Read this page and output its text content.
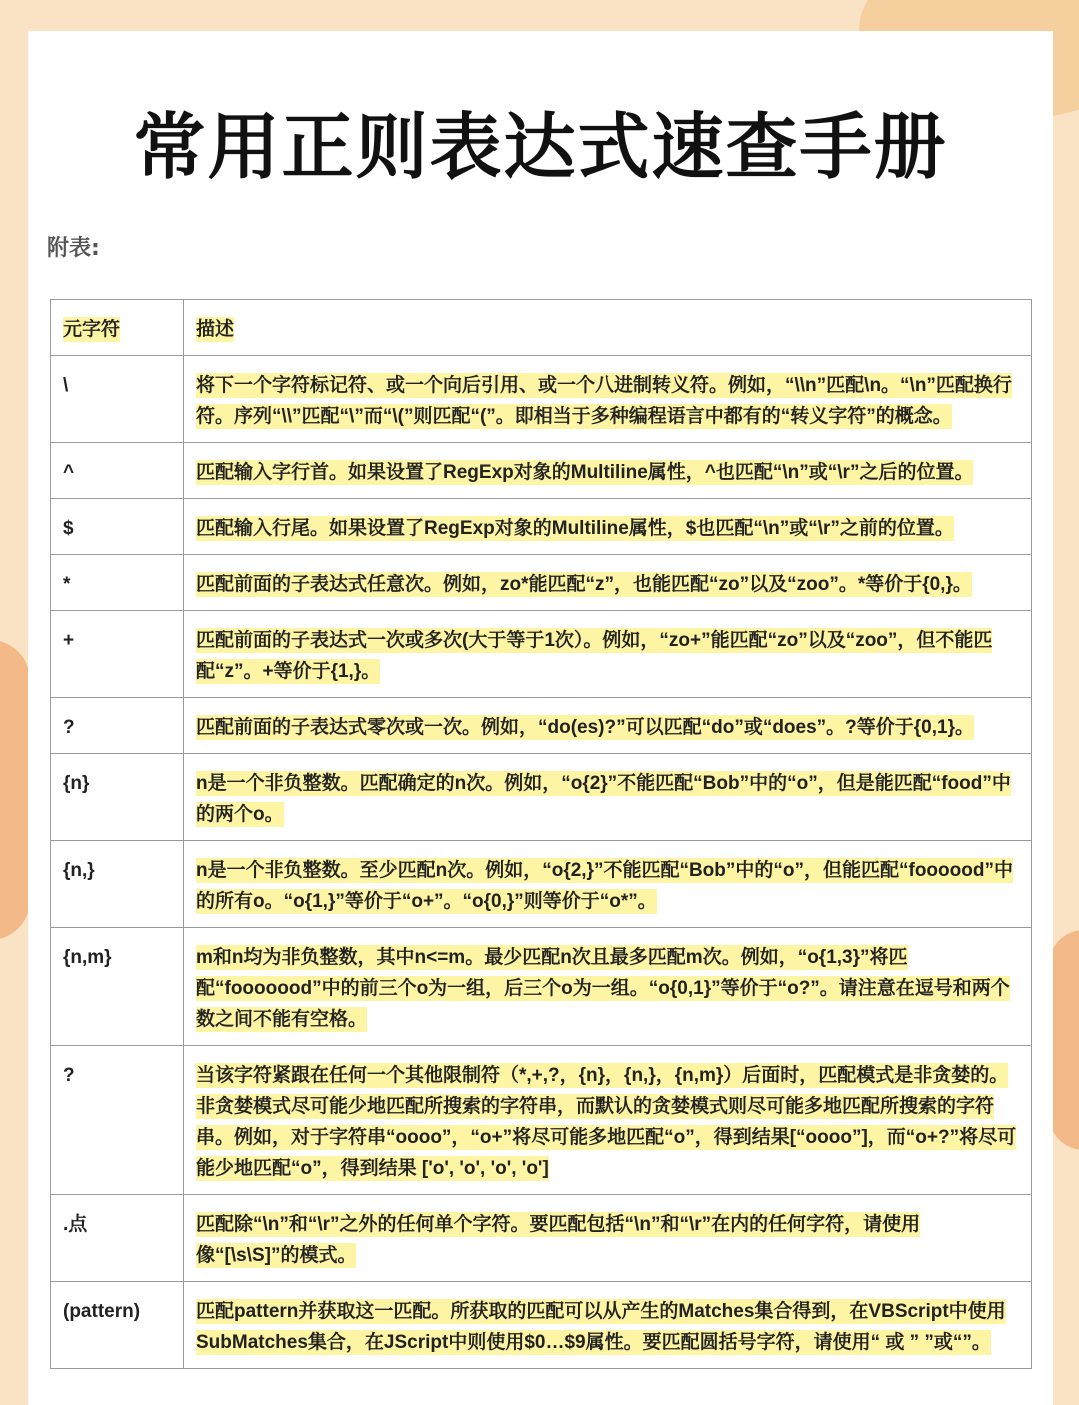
常用正则表达式速查手册

附表:

元字符	描述
\	将下一个字符标记符、或一个向后引用、或一个八进制转义符。例如，“\\n”匹配\n。“\n”匹配换行符。序列“\\”匹配“\”而“\(”则匹配“(”。即相当于多种编程语言中都有的“转义字符”的概念。
^	匹配输入字行首。如果设置了RegExp对象的Multiline属性，^也匹配“\n”或“\r”之后的位置。
$	匹配输入行尾。如果设置了RegExp对象的Multiline属性，$也匹配“\n”或“\r”之前的位置。
*	匹配前面的子表达式任意次。例如，zo*能匹配“z”，也能匹配“zo”以及“zoo”。*等价于{0,}。
+	匹配前面的子表达式一次或多次(大于等于1次）。例如，“zo+”能匹配“zo”以及“zoo”，但不能匹配“z”。+等价于{1,}。
?	匹配前面的子表达式零次或一次。例如，“do(es)?”可以匹配“do”或“does”。?等价于{0,1}。
{n}	n是一个非负整数。匹配确定的n次。例如，“o{2}”不能匹配“Bob”中的“o”，但是能匹配“food”中的两个o。
{n,}	n是一个非负整数。至少匹配n次。例如，“o{2,}”不能匹配“Bob”中的“o”，但能匹配“foooood”中的所有o。“o{1,}”等价于“o+”。“o{0,}”则等价于“o*”。
{n,m}	m和n均为非负整数，其中n<=m。最少匹配n次且最多匹配m次。例如，“o{1,3}”将匹配“fooooood”中的前三个o为一组，后三个o为一组。“o{0,1}”等价于“o?”。请注意在逗号和两个数之间不能有空格。
?	当该字符紧跟在任何一个其他限制符（*,+,?，{n}，{n,}，{n,m}）后面时，匹配模式是非贪婪的。非贪婪模式尽可能少地匹配所搜索的字符串，而默认的贪婪模式则尽可能多地匹配所搜索的字符串。例如，对于字符串“oooo”，“o+”将尽可能多地匹配“o”，得到结果[“oooo”]，而“o+?”将尽可能少地匹配“o”，得到结果 ['o', 'o', 'o', 'o']
.点	匹配除“\n”和“\r”之外的任何单个字符。要匹配包括“\n”和“\r”在内的任何字符，请使用像“[\s\S]”的模式。
(pattern)	匹配pattern并获取这一匹配。所获取的匹配可以从产生的Matches集合得到，在VBScript中使用SubMatches集合，在JScript中则使用$0…$9属性。要匹配圆括号字符，请使用“ 或 ” ”或“”。
